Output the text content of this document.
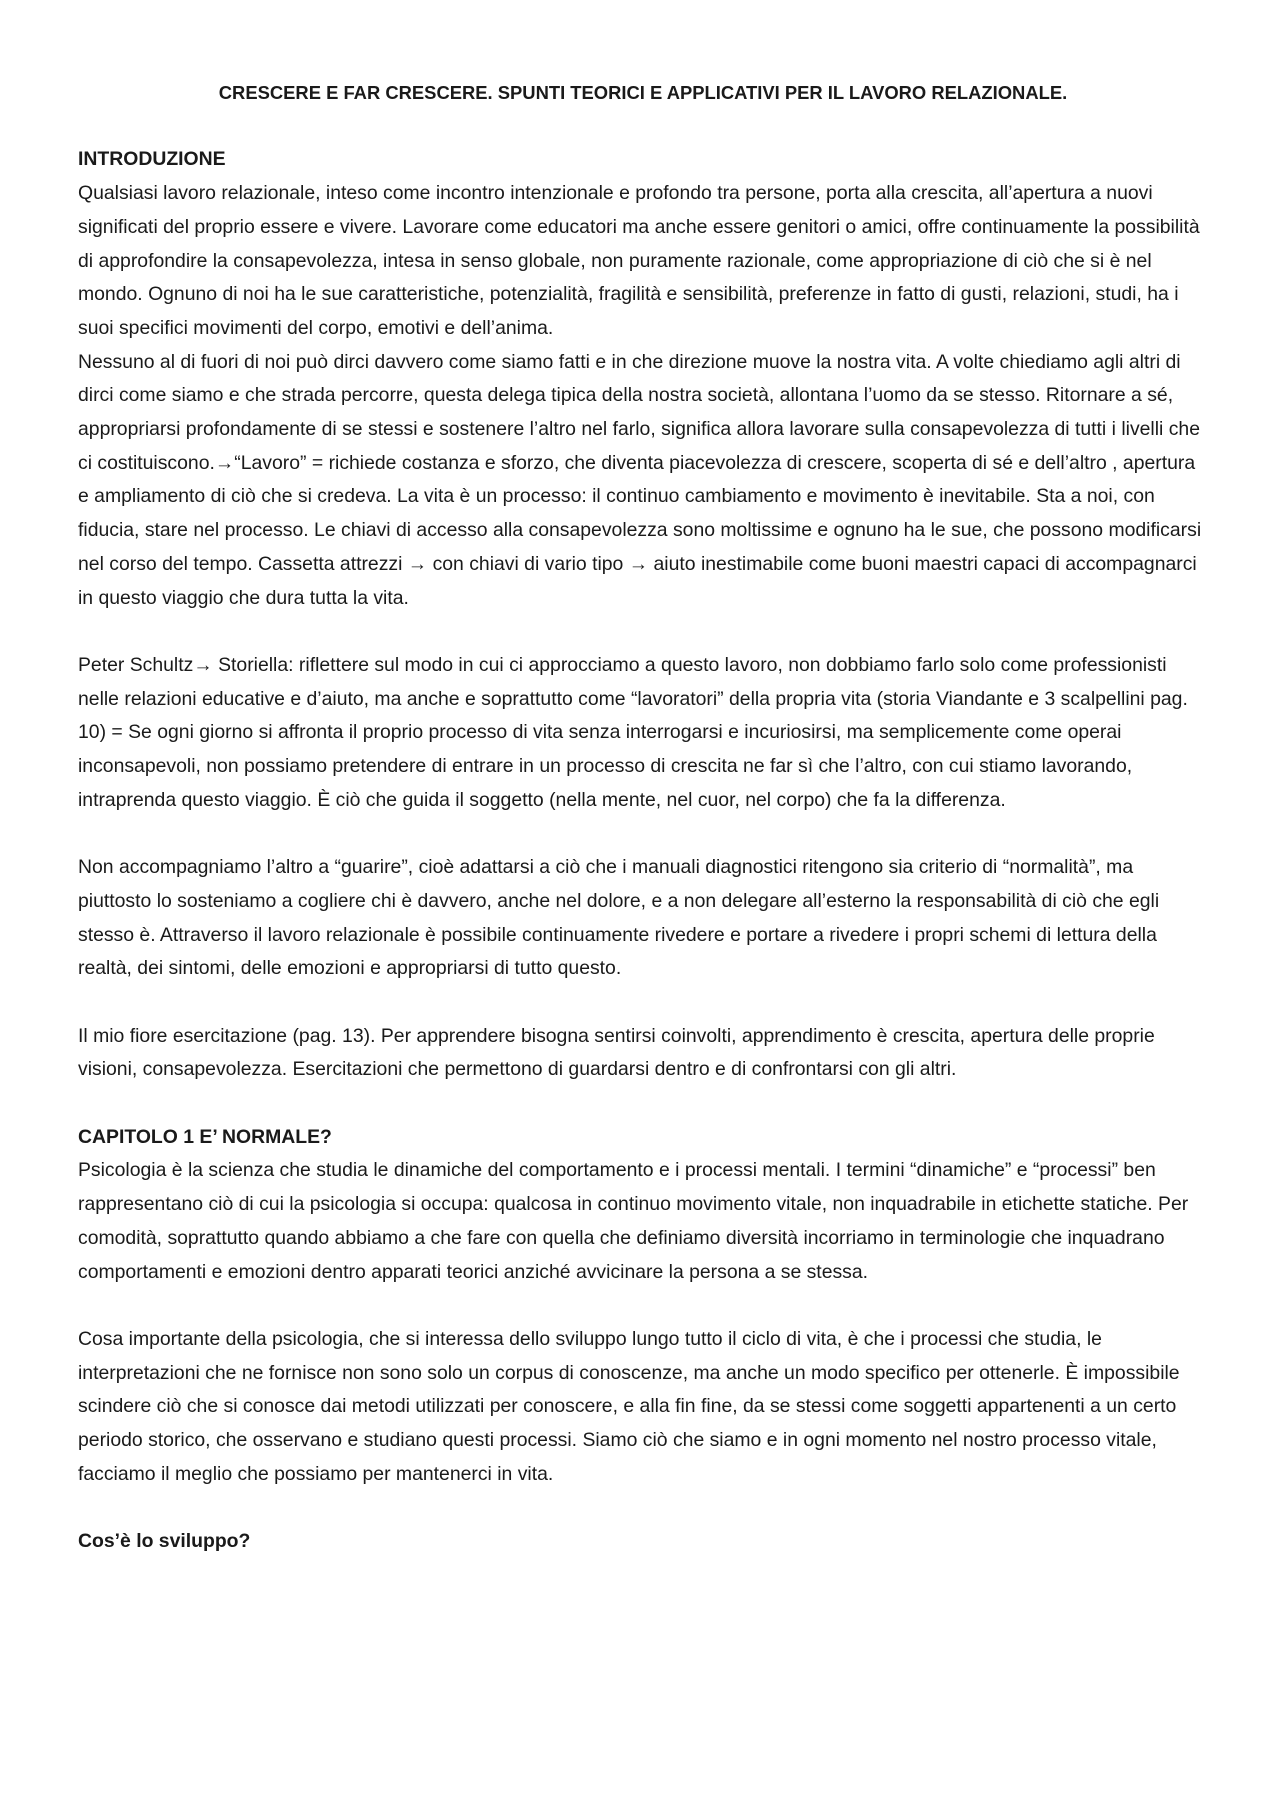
CRESCERE E FAR CRESCERE. SPUNTI TEORICI E APPLICATIVI PER IL LAVORO RELAZIONALE.

INTRODUZIONE

Qualsiasi lavoro relazionale, inteso come incontro intenzionale e profondo tra persone, porta alla crescita, all’apertura a nuovi significati del proprio essere e vivere. Lavorare come educatori ma anche essere genitori o amici, offre continuamente la possibilità di approfondire la consapevolezza, intesa in senso globale, non puramente razionale, come appropriazione di ciò che si è nel mondo. Ognuno di noi ha le sue caratteristiche, potenzialità, fragilità e sensibilità, preferenze in fatto di gusti, relazioni, studi, ha i suoi specifici movimenti del corpo, emotivi e dell’anima.

Nessuno al di fuori di noi può dirci davvero come siamo fatti e in che direzione muove la nostra vita. A volte chiediamo agli altri di dirci come siamo e che strada percorre, questa delega tipica della nostra società, allontana l’uomo da se stesso. Ritornare a sé, appropriarsi profondamente di se stessi e sostenere l’altro nel farlo, significa allora lavorare sulla consapevolezza di tutti i livelli che ci costituiscono.→“Lavoro” = richiede costanza e sforzo, che diventa piacevolezza di crescere, scoperta di sé e dell’altro , apertura e ampliamento di ciò che si credeva. La vita è un processo: il continuo cambiamento e movimento è inevitabile. Sta a noi, con fiducia, stare nel processo. Le chiavi di accesso alla consapevolezza sono moltissime e ognuno ha le sue, che possono modificarsi nel corso del tempo. Cassetta attrezzi → con chiavi di vario tipo → aiuto inestimabile come buoni maestri capaci di accompagnarci in questo viaggio che dura tutta la vita.

Peter Schultz→ Storiella: riflettere sul modo in cui ci approcciamo a questo lavoro, non dobbiamo farlo solo come professionisti nelle relazioni educative e d’aiuto, ma anche e soprattutto come “lavoratori” della propria vita (storia Viandante e 3 scalpellini pag. 10) = Se ogni giorno si affronta il proprio processo di vita senza interrogarsi e incuriosirsi, ma semplicemente come operai inconsapevoli, non possiamo pretendere di entrare in un processo di crescita ne far sì che l’altro, con cui stiamo lavorando, intraprenda questo viaggio. È ciò che guida il soggetto (nella mente, nel cuor, nel corpo) che fa la differenza.

Non accompagniamo l’altro a “guarire”, cioè adattarsi a ciò che i manuali diagnostici ritengono sia criterio di “normalità”, ma piuttosto lo sosteniamo a cogliere chi è davvero, anche nel dolore, e a non delegare all’esterno la responsabilità di ciò che egli stesso è. Attraverso il lavoro relazionale è possibile continuamente rivedere e portare a rivedere i propri schemi di lettura della realtà, dei sintomi, delle emozioni e appropriarsi di tutto questo.

Il mio fiore esercitazione (pag. 13). Per apprendere bisogna sentirsi coinvolti, apprendimento è crescita, apertura delle proprie visioni, consapevolezza. Esercitazioni che permettono di guardarsi dentro e di confrontarsi con gli altri.

CAPITOLO 1 E’ NORMALE?

Psicologia è la scienza che studia le dinamiche del comportamento e i processi mentali. I termini “dinamiche” e “processi” ben rappresentano ciò di cui la psicologia si occupa: qualcosa in continuo movimento vitale, non inquadrabile in etichette statiche. Per comodità, soprattutto quando abbiamo a che fare con quella che definiamo diversità incorriamo in terminologie che inquadrano comportamenti e emozioni dentro apparati teorici anziché avvicinare la persona a se stessa.

Cosa importante della psicologia, che si interessa dello sviluppo lungo tutto il ciclo di vita, è che i processi che studia, le interpretazioni che ne fornisce non sono solo un corpus di conoscenze, ma anche un modo specifico per ottenerle. È impossibile scindere ciò che si conosce dai metodi utilizzati per conoscere, e alla fin fine, da se stessi come soggetti appartenenti a un certo periodo storico, che osservano e studiano questi processi. Siamo ciò che siamo e in ogni momento nel nostro processo vitale, facciamo il meglio che possiamo per mantenerci in vita.

Cos’è lo sviluppo?
